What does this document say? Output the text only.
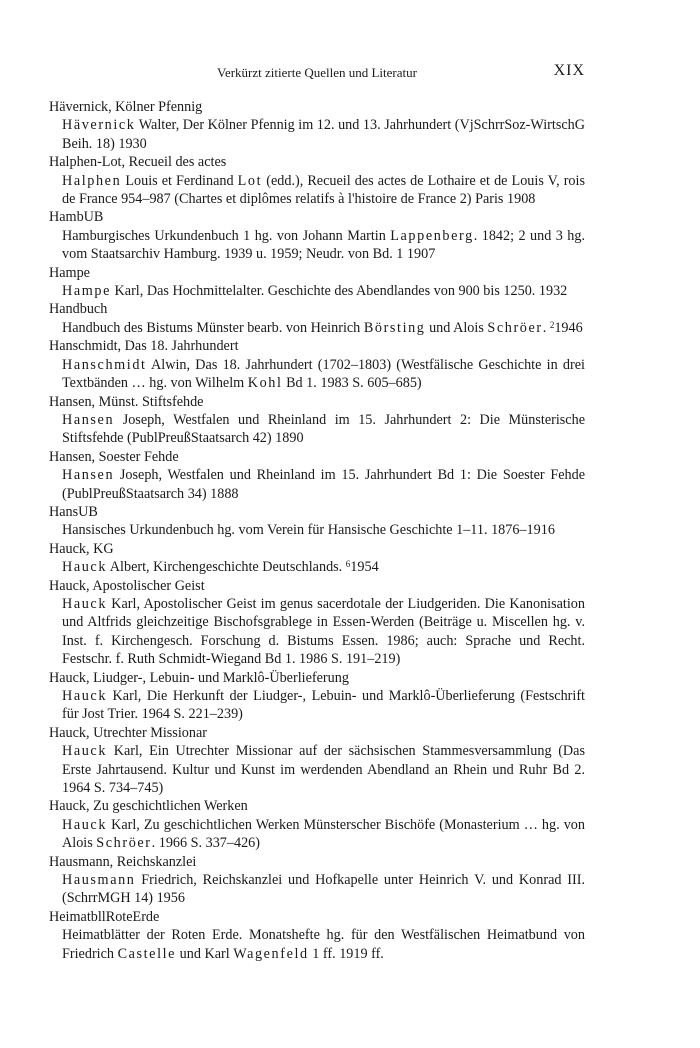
Verkürzt zitierte Quellen und Literatur	XIX
Hävernick, Kölner Pfennig
Hävernick Walter, Der Kölner Pfennig im 12. und 13. Jahrhundert (VjSchrrSoz-WirtschG Beih. 18) 1930
Halphen-Lot, Recueil des actes
Halphen Louis et Ferdinand Lot (edd.), Recueil des actes de Lothaire et de Louis V, rois de France 954–987 (Chartes et diplômes relatifs à l'histoire de France 2) Paris 1908
HambUB
Hamburgisches Urkundenbuch 1 hg. von Johann Martin Lappenberg. 1842; 2 und 3 hg. vom Staatsarchiv Hamburg. 1939 u. 1959; Neudr. von Bd. 1 1907
Hampe
Hampe Karl, Das Hochmittelalter. Geschichte des Abendlandes von 900 bis 1250. 1932
Handbuch
Handbuch des Bistums Münster bearb. von Heinrich Börsting und Alois Schröer. $^2$1946
Hanschmidt, Das 18. Jahrhundert
Hanschmidt Alwin, Das 18. Jahrhundert (1702–1803) (Westfälische Geschichte in drei Textbänden … hg. von Wilhelm Kohl Bd 1. 1983 S. 605–685)
Hansen, Münst. Stiftsfehde
Hansen Joseph, Westfalen und Rheinland im 15. Jahrhundert 2: Die Münsterische Stiftsfehde (PublPreußStaatsarch 42) 1890
Hansen, Soester Fehde
Hansen Joseph, Westfalen und Rheinland im 15. Jahrhundert Bd 1: Die Soester Fehde (PublPreußStaatsarch 34) 1888
HansUB
Hansisches Urkundenbuch hg. vom Verein für Hansische Geschichte 1–11. 1876–1916
Hauck, KG
Hauck Albert, Kirchengeschichte Deutschlands. $^6$1954
Hauck, Apostolischer Geist
Hauck Karl, Apostolischer Geist im genus sacerdotale der Liudgeriden. Die Kanonisation und Altfrids gleichzeitige Bischofsgrablege in Essen-Werden (Beiträge u. Miscellen hg. v. Inst. f. Kirchengesch. Forschung d. Bistums Essen. 1986; auch: Sprache und Recht. Festschr. f. Ruth Schmidt-Wiegand Bd 1. 1986 S. 191–219)
Hauck, Liudger-, Lebuin- und Marklô-Überlieferung
Hauck Karl, Die Herkunft der Liudger-, Lebuin- und Marklô-Überlieferung (Festschrift für Jost Trier. 1964 S. 221–239)
Hauck, Utrechter Missionar
Hauck Karl, Ein Utrechter Missionar auf der sächsischen Stammesversammlung (Das Erste Jahrtausend. Kultur und Kunst im werdenden Abendland an Rhein und Ruhr Bd 2. 1964 S. 734–745)
Hauck, Zu geschichtlichen Werken
Hauck Karl, Zu geschichtlichen Werken Münsterscher Bischöfe (Monasterium … hg. von Alois Schröer. 1966 S. 337–426)
Hausmann, Reichskanzlei
Hausmann Friedrich, Reichskanzlei und Hofkapelle unter Heinrich V. und Konrad III. (SchrrMGH 14) 1956
HeimatbllRoteErde
Heimatblätter der Roten Erde. Monatshefte hg. für den Westfälischen Heimatbund von Friedrich Castelle und Karl Wagenfeld 1 ff. 1919 ff.
